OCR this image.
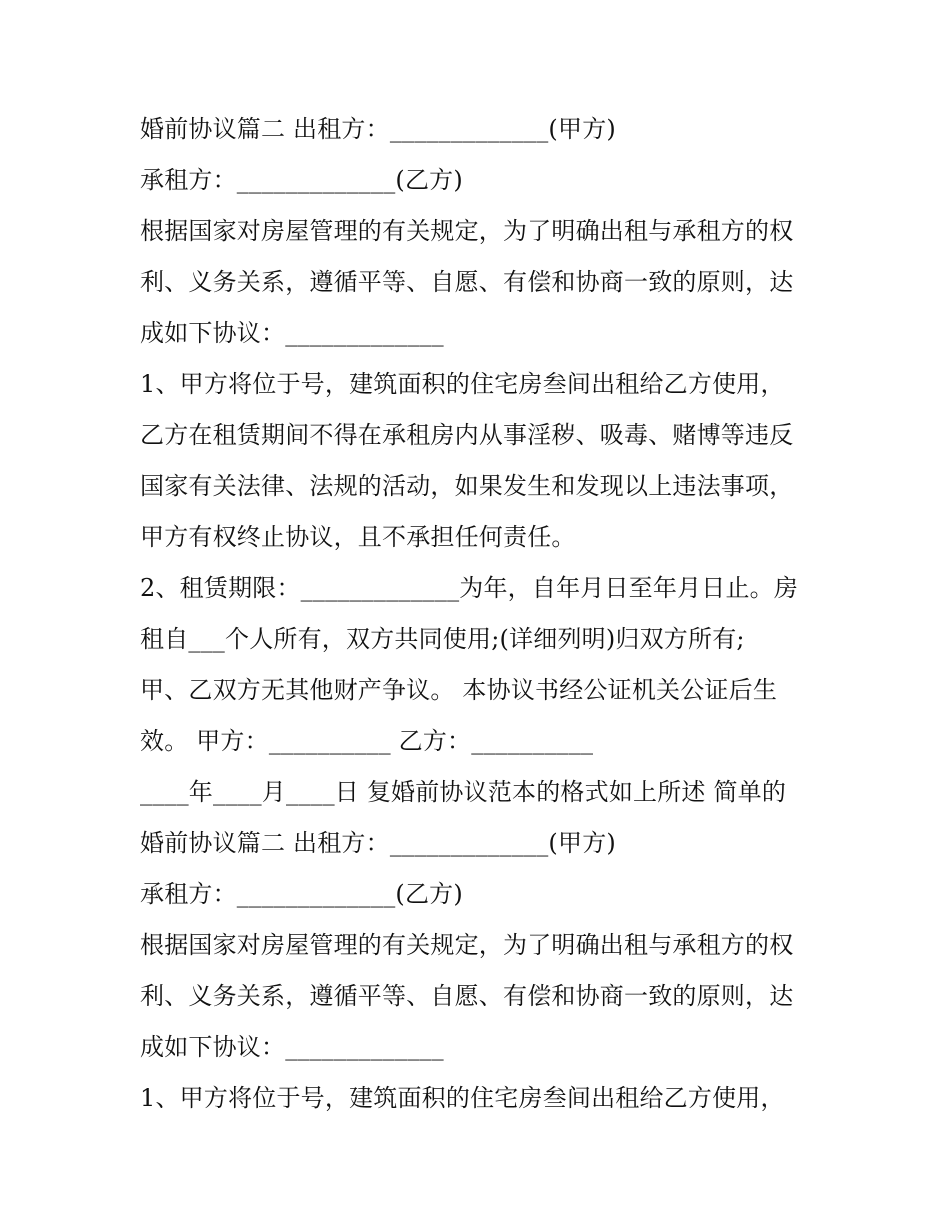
婚前协议篇二 出租方：_____________(甲方)
承租方：_____________(乙方)
根据国家对房屋管理的有关规定，为了明确出租与承租方的权
利、义务关系，遵循平等、自愿、有偿和协商一致的原则，达
成如下协议：_____________
1、甲方将位于号，建筑面积的住宅房叁间出租给乙方使用，
乙方在租赁期间不得在承租房内从事淫秽、吸毒、赌博等违反
国家有关法律、法规的活动，如果发生和发现以上违法事项，
甲方有权终止协议，且不承担任何责任。
2、租赁期限：_____________为年，自年月日至年月日止。房
租自___个人所有，双方共同使用;(详细列明)归双方所有;
甲、乙双方无其他财产争议。 本协议书经公证机关公证后生
效。 甲方：__________ 乙方：__________
____年____月____日 复婚前协议范本的格式如上所述 简单的
婚前协议篇二 出租方：_____________(甲方)
承租方：_____________(乙方)
根据国家对房屋管理的有关规定，为了明确出租与承租方的权
利、义务关系，遵循平等、自愿、有偿和协商一致的原则，达
成如下协议：_____________
1、甲方将位于号，建筑面积的住宅房叁间出租给乙方使用，
